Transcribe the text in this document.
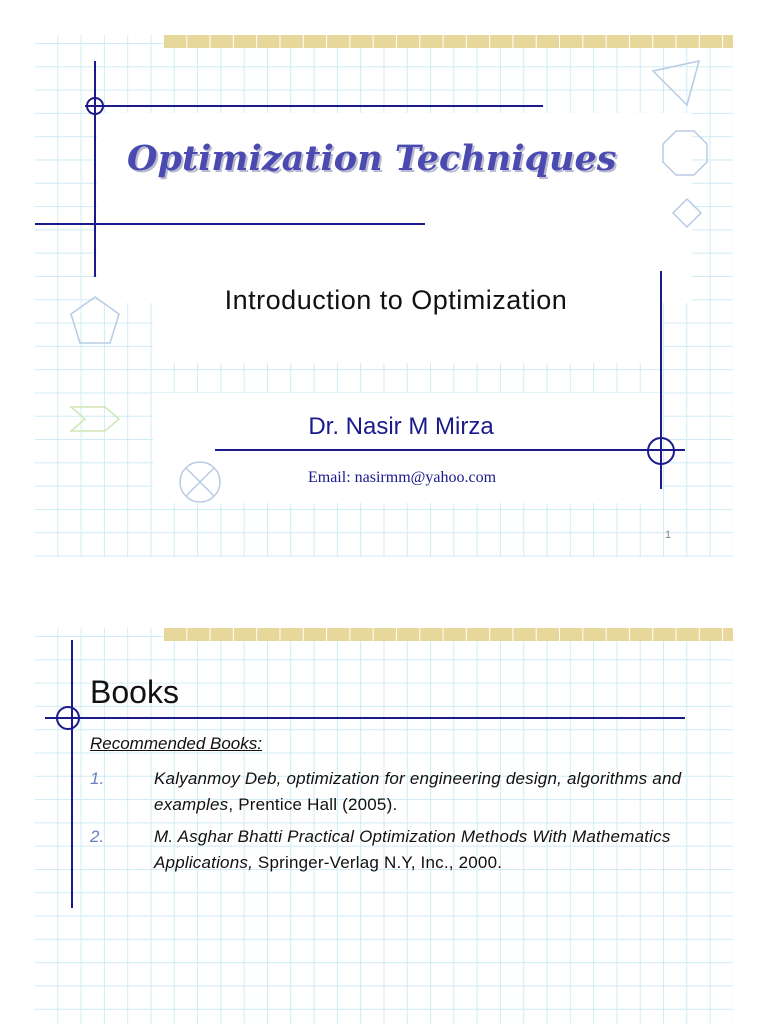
Optimization Techniques
Introduction to Optimization
Dr. Nasir M Mirza
Email: nasirmm@yahoo.com
1
Books
Recommended Books:
1.	Kalyanmoy Deb, optimization for engineering design, algorithms and examples, Prentice Hall (2005).
2.	M. Asghar Bhatti Practical Optimization Methods With Mathematics Applications, Springer-Verlag N.Y, Inc., 2000.
